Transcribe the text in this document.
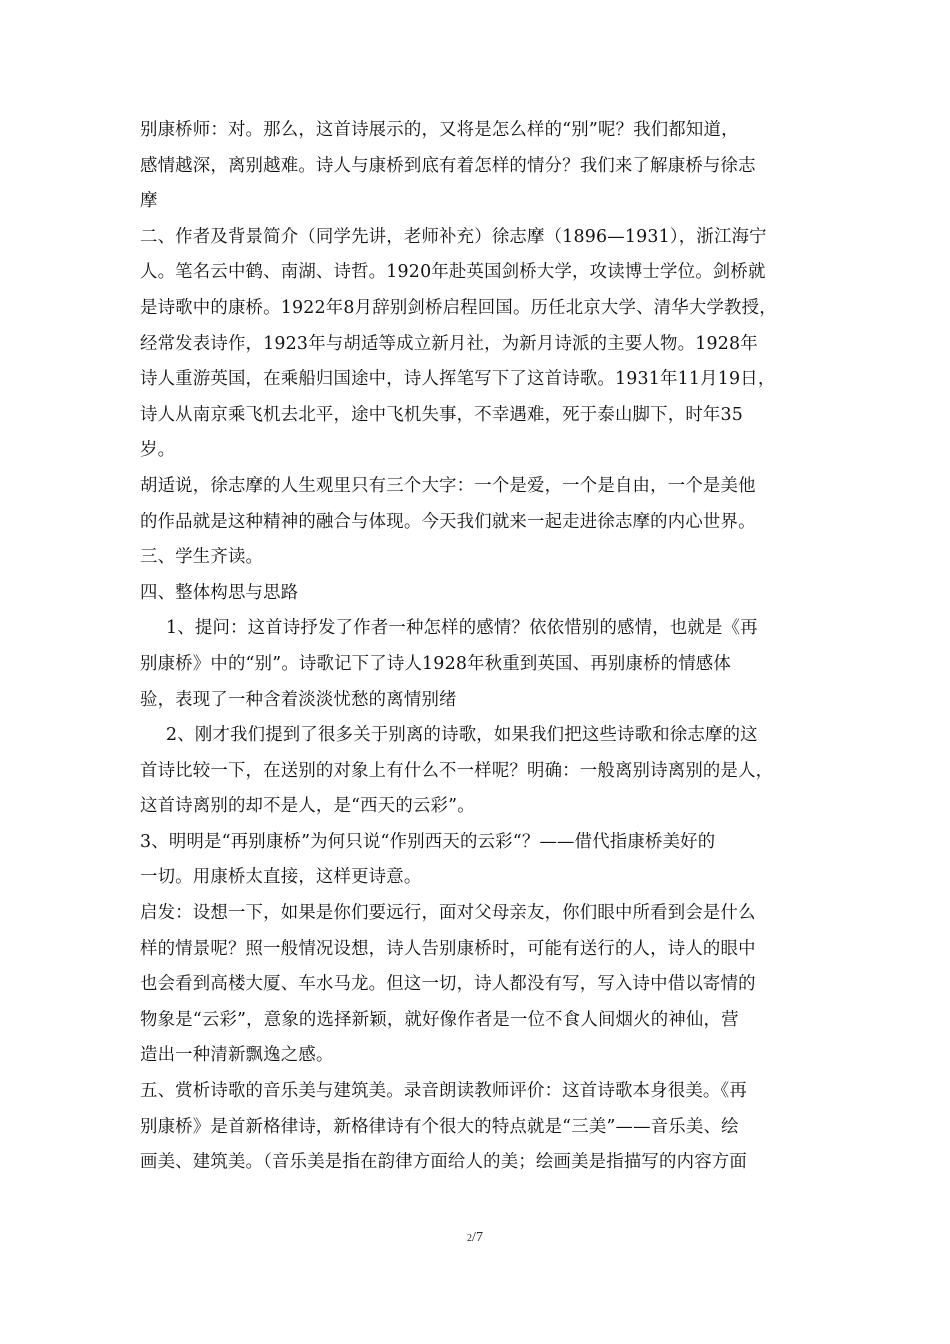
别康桥师：对。那么，这首诗展示的，又将是怎么样的“别”呢？我们都知道，
感情越深，离别越难。诗人与康桥到底有着怎样的情分？我们来了解康桥与徐志
摩
二、作者及背景简介（同学先讲，老师补充）徐志摩（1896—1931），浙江海宁
人。笔名云中鹤、南湖、诗哲。1920年赴英国剑桥大学，攻读博士学位。剑桥就
是诗歌中的康桥。1922年8月辞别剑桥启程回国。历任北京大学、清华大学教授，
经常发表诗作，1923年与胡适等成立新月社，为新月诗派的主要人物。1928年
诗人重游英国，在乘船归国途中，诗人挥笔写下了这首诗歌。1931年11月19日，
诗人从南京乘飞机去北平，途中飞机失事，不幸遇难，死于泰山脚下，时年35
岁。
胡适说，徐志摩的人生观里只有三个大字：一个是爱，一个是自由，一个是美他
的作品就是这种精神的融合与体现。今天我们就来一起走进徐志摩的内心世界。
三、学生齐读。
四、整体构思与思路
1、提问：这首诗抒发了作者一种怎样的感情？依依惜别的感情，也就是《再
别康桥》中的“别”。诗歌记下了诗人1928年秋重到英国、再别康桥的情感体
验，表现了一种含着淡淡忧愁的离情别绪
2、刚才我们提到了很多关于别离的诗歌，如果我们把这些诗歌和徐志摩的这
首诗比较一下，在送别的对象上有什么不一样呢？明确：一般离别诗离别的是人，
这首诗离别的却不是人，是“西天的云彩”。
3、明明是“再别康桥”为何只说“作别西天的云彩“？——借代指康桥美好的
一切。用康桥太直接，这样更诗意。
启发：设想一下，如果是你们要远行，面对父母亲友，你们眼中所看到会是什么
样的情景呢？照一般情况设想，诗人告别康桥时，可能有送行的人，诗人的眼中
也会看到高楼大厦、车水马龙。但这一切，诗人都没有写，写入诗中借以寄情的
物象是“云彩”，意象的选择新颖，就好像作者是一位不食人间烟火的神仙，营
造出一种清新飘逸之感。
五、赏析诗歌的音乐美与建筑美。录音朗读教师评价：这首诗歌本身很美。《再
别康桥》是首新格律诗，新格律诗有个很大的特点就是“三美”——音乐美、绘
画美、建筑美。（音乐美是指在韵律方面给人的美；绘画美是指描写的内容方面
2/7
